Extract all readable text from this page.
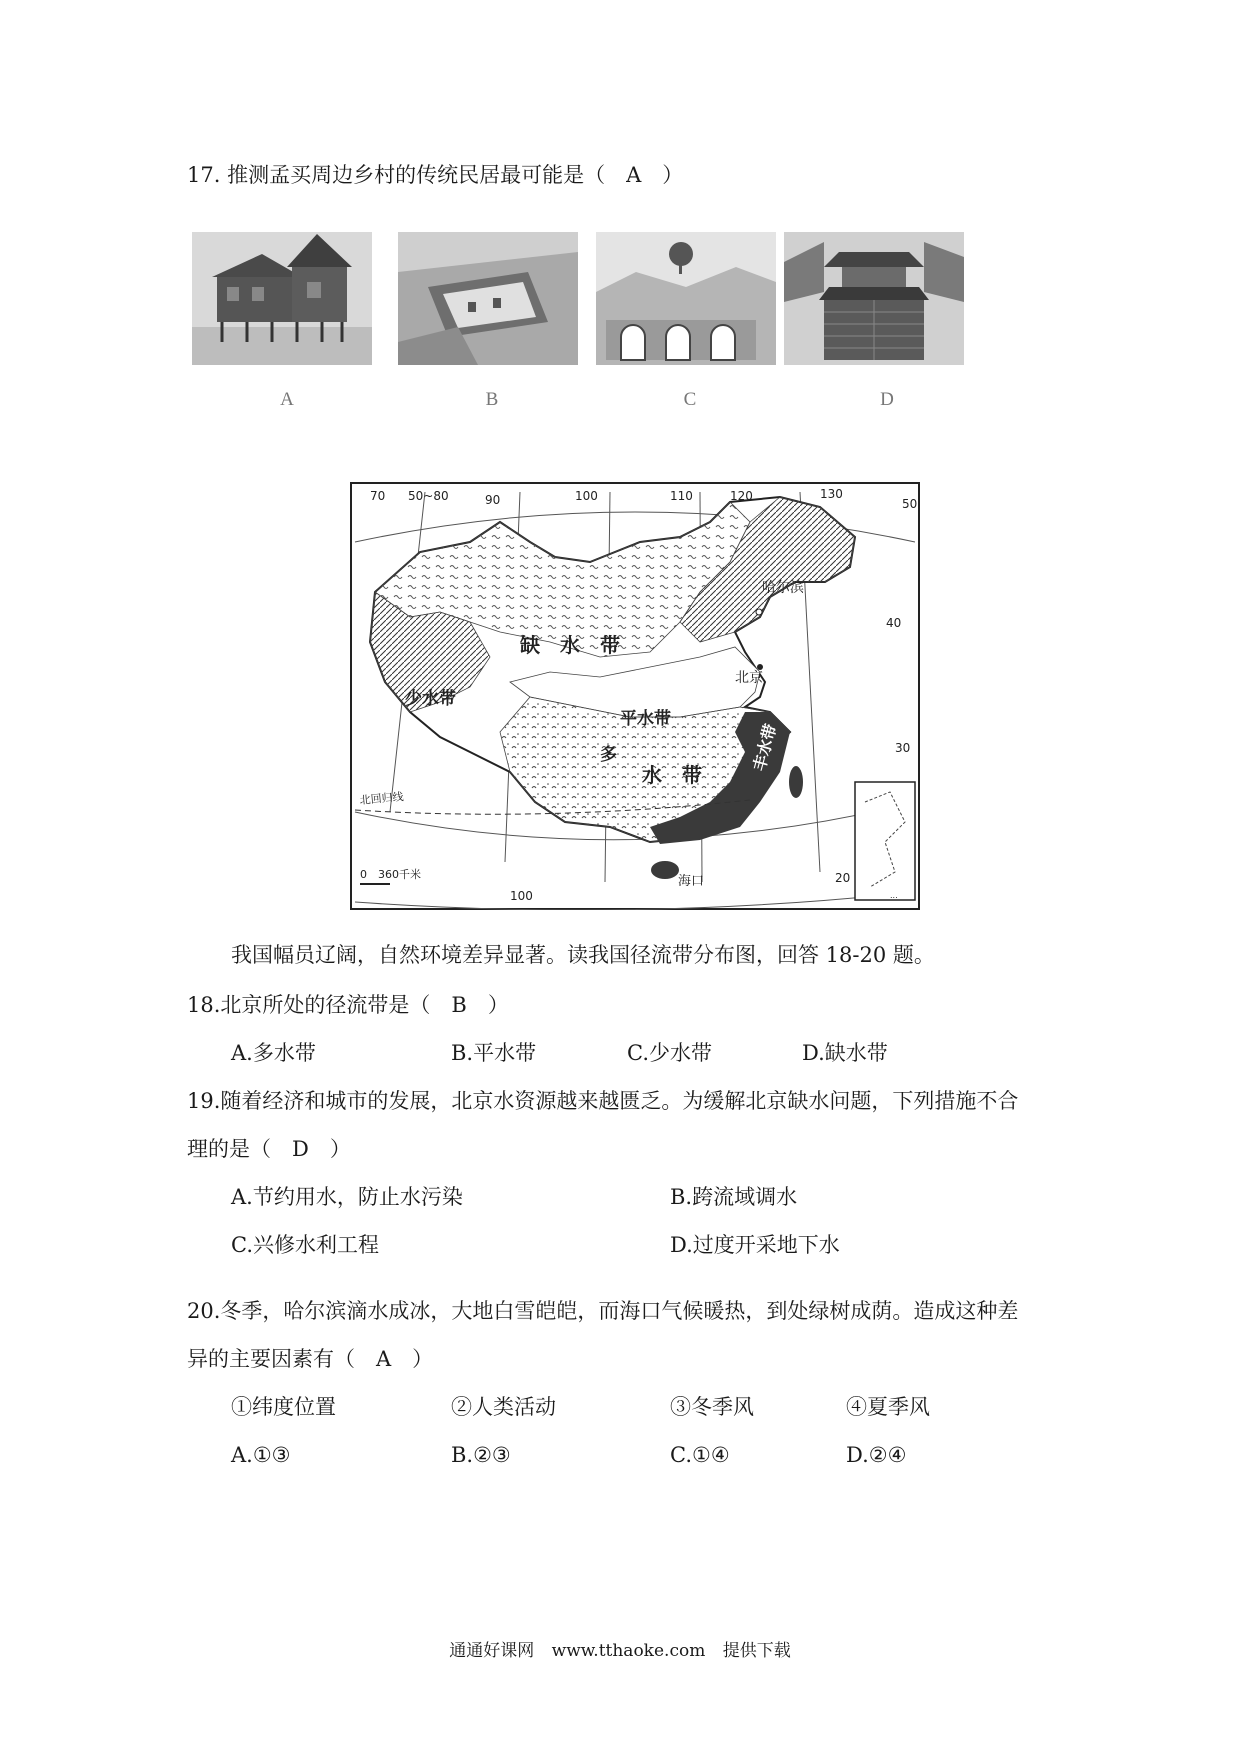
17. 推测孟买周边乡村的传统民居最可能是（　A　）
A	B	C	D
70 50~80	90	100	110	120	130
100
50
40
30
20
缺　水　带
少水带
平水带
多
水　带
丰水带
哈尔滨
北京
海口
北回归线
0　360千米
...
我国幅员辽阔，自然环境差异显著。读我国径流带分布图，回答 18-20 题。
18.北京所处的径流带是（　B　）
A.多水带	B.平水带	C.少水带	D.缺水带
19.随着经济和城市的发展，北京水资源越来越匮乏。为缓解北京缺水问题，下列措施不合
理的是（　D　）
A.节约用水，防止水污染	B.跨流域调水
C.兴修水利工程	D.过度开采地下水
20.冬季，哈尔滨滴水成冰，大地白雪皑皑，而海口气候暖热，到处绿树成荫。造成这种差
异的主要因素有（　A　）
①纬度位置	②人类活动	③冬季风	④夏季风
A.①③	B.②③	C.①④	D.②④
通通好课网 www.tthaoke.com 提供下载
